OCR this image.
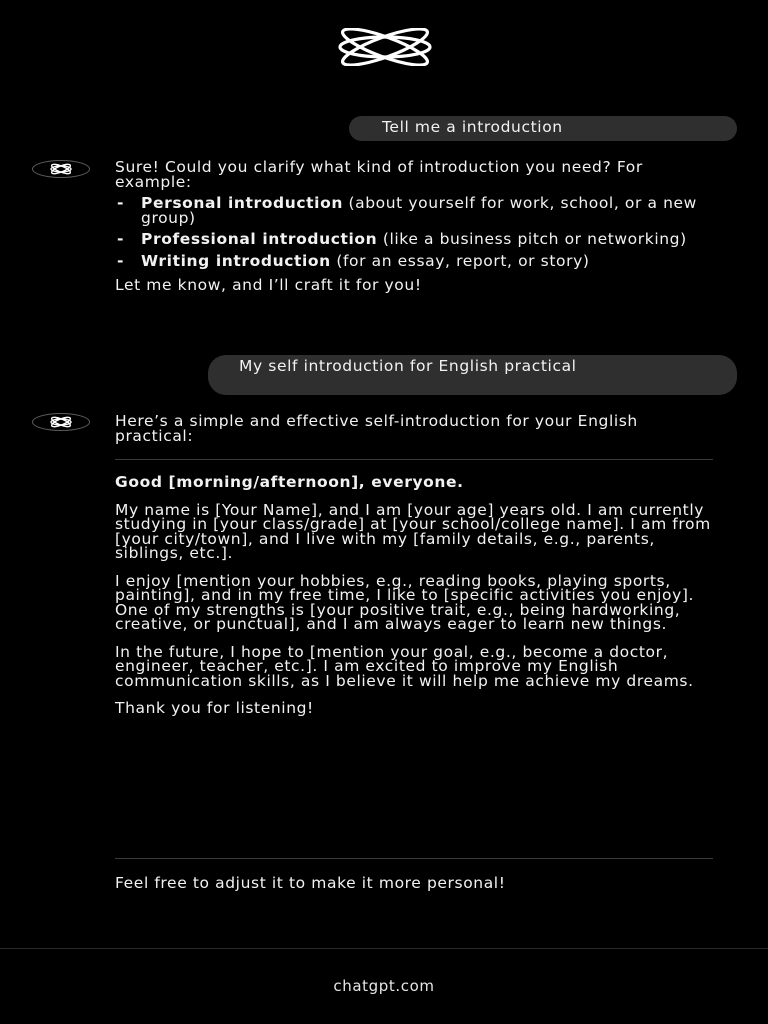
Tell me a introduction

Sure! Could you clarify what kind of introduction you need? For example:

- Personal introduction (about yourself for work, school, or a new group)
- Professional introduction (like a business pitch or networking)
- Writing introduction (for an essay, report, or story)

Let me know, and I’ll craft it for you!

My self introduction for English practical

Here’s a simple and effective self-introduction for your English practical:

Good [morning/afternoon], everyone.

My name is [Your Name], and I am [your age] years old. I am currently studying in [your class/grade] at [your school/college name]. I am from [your city/town], and I live with my [family details, e.g., parents, siblings, etc.].

I enjoy [mention your hobbies, e.g., reading books, playing sports, painting], and in my free time, I like to [specific activities you enjoy]. One of my strengths is [your positive trait, e.g., being hardworking, creative, or punctual], and I am always eager to learn new things.

In the future, I hope to [mention your goal, e.g., become a doctor, engineer, teacher, etc.]. I am excited to improve my English communication skills, as I believe it will help me achieve my dreams.

Thank you for listening!

Feel free to adjust it to make it more personal!

chatgpt.com
